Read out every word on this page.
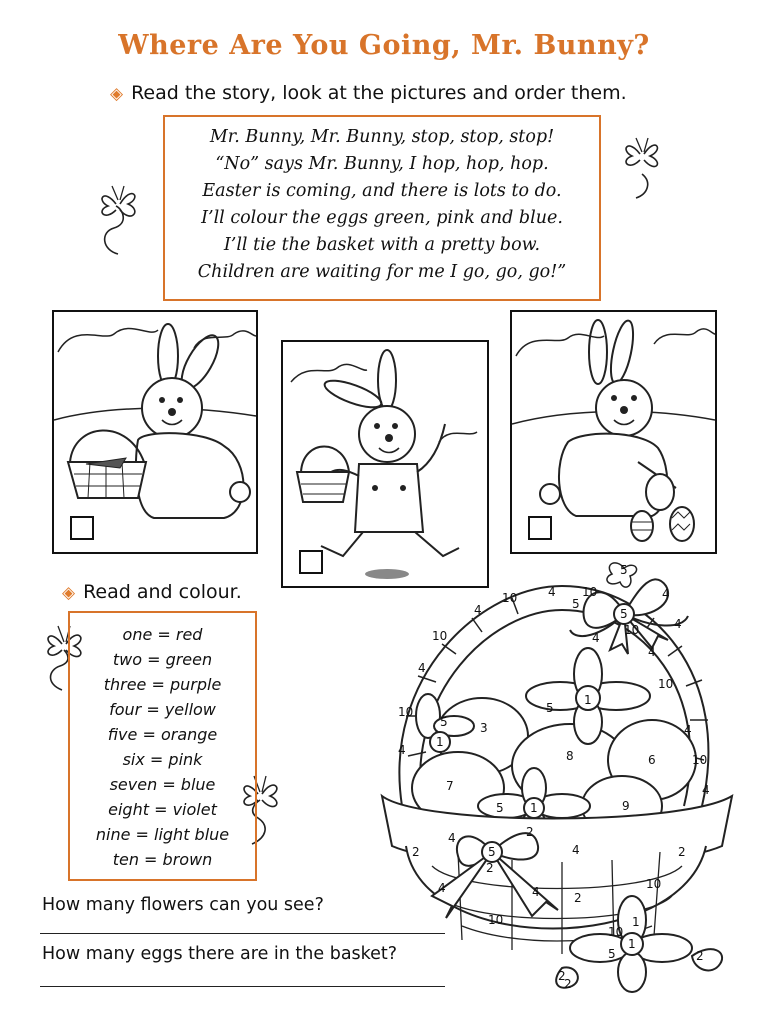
Where Are You Going, Mr. Bunny?
◈ Read the story, look at the pictures and order them.
Mr. Bunny, Mr. Bunny, stop, stop, stop!
“No” says Mr. Bunny, I hop, hop, hop.
Easter is coming, and there is lots to do.
I’ll colour the eggs green, pink and blue.
I’ll tie the basket with a pretty bow.
Children are waiting for me I go, go, go!”
◈ Read and colour.
one = red
two = green
three = purple
four = yellow
five = orange
six = pink
seven = blue
eight = violet
nine = light blue
ten = brown
10
4
10
4
10
4
10
4
4
10
4
10
5
5
5
4	4
4
10
4
3
8	6
7
9
5
1
5
1
5 1
5
1
4	2
4
2
2
4
2
4
10
2
10
10
2
5
1
2
2
How many flowers can you see?
How many eggs there are in the basket?
